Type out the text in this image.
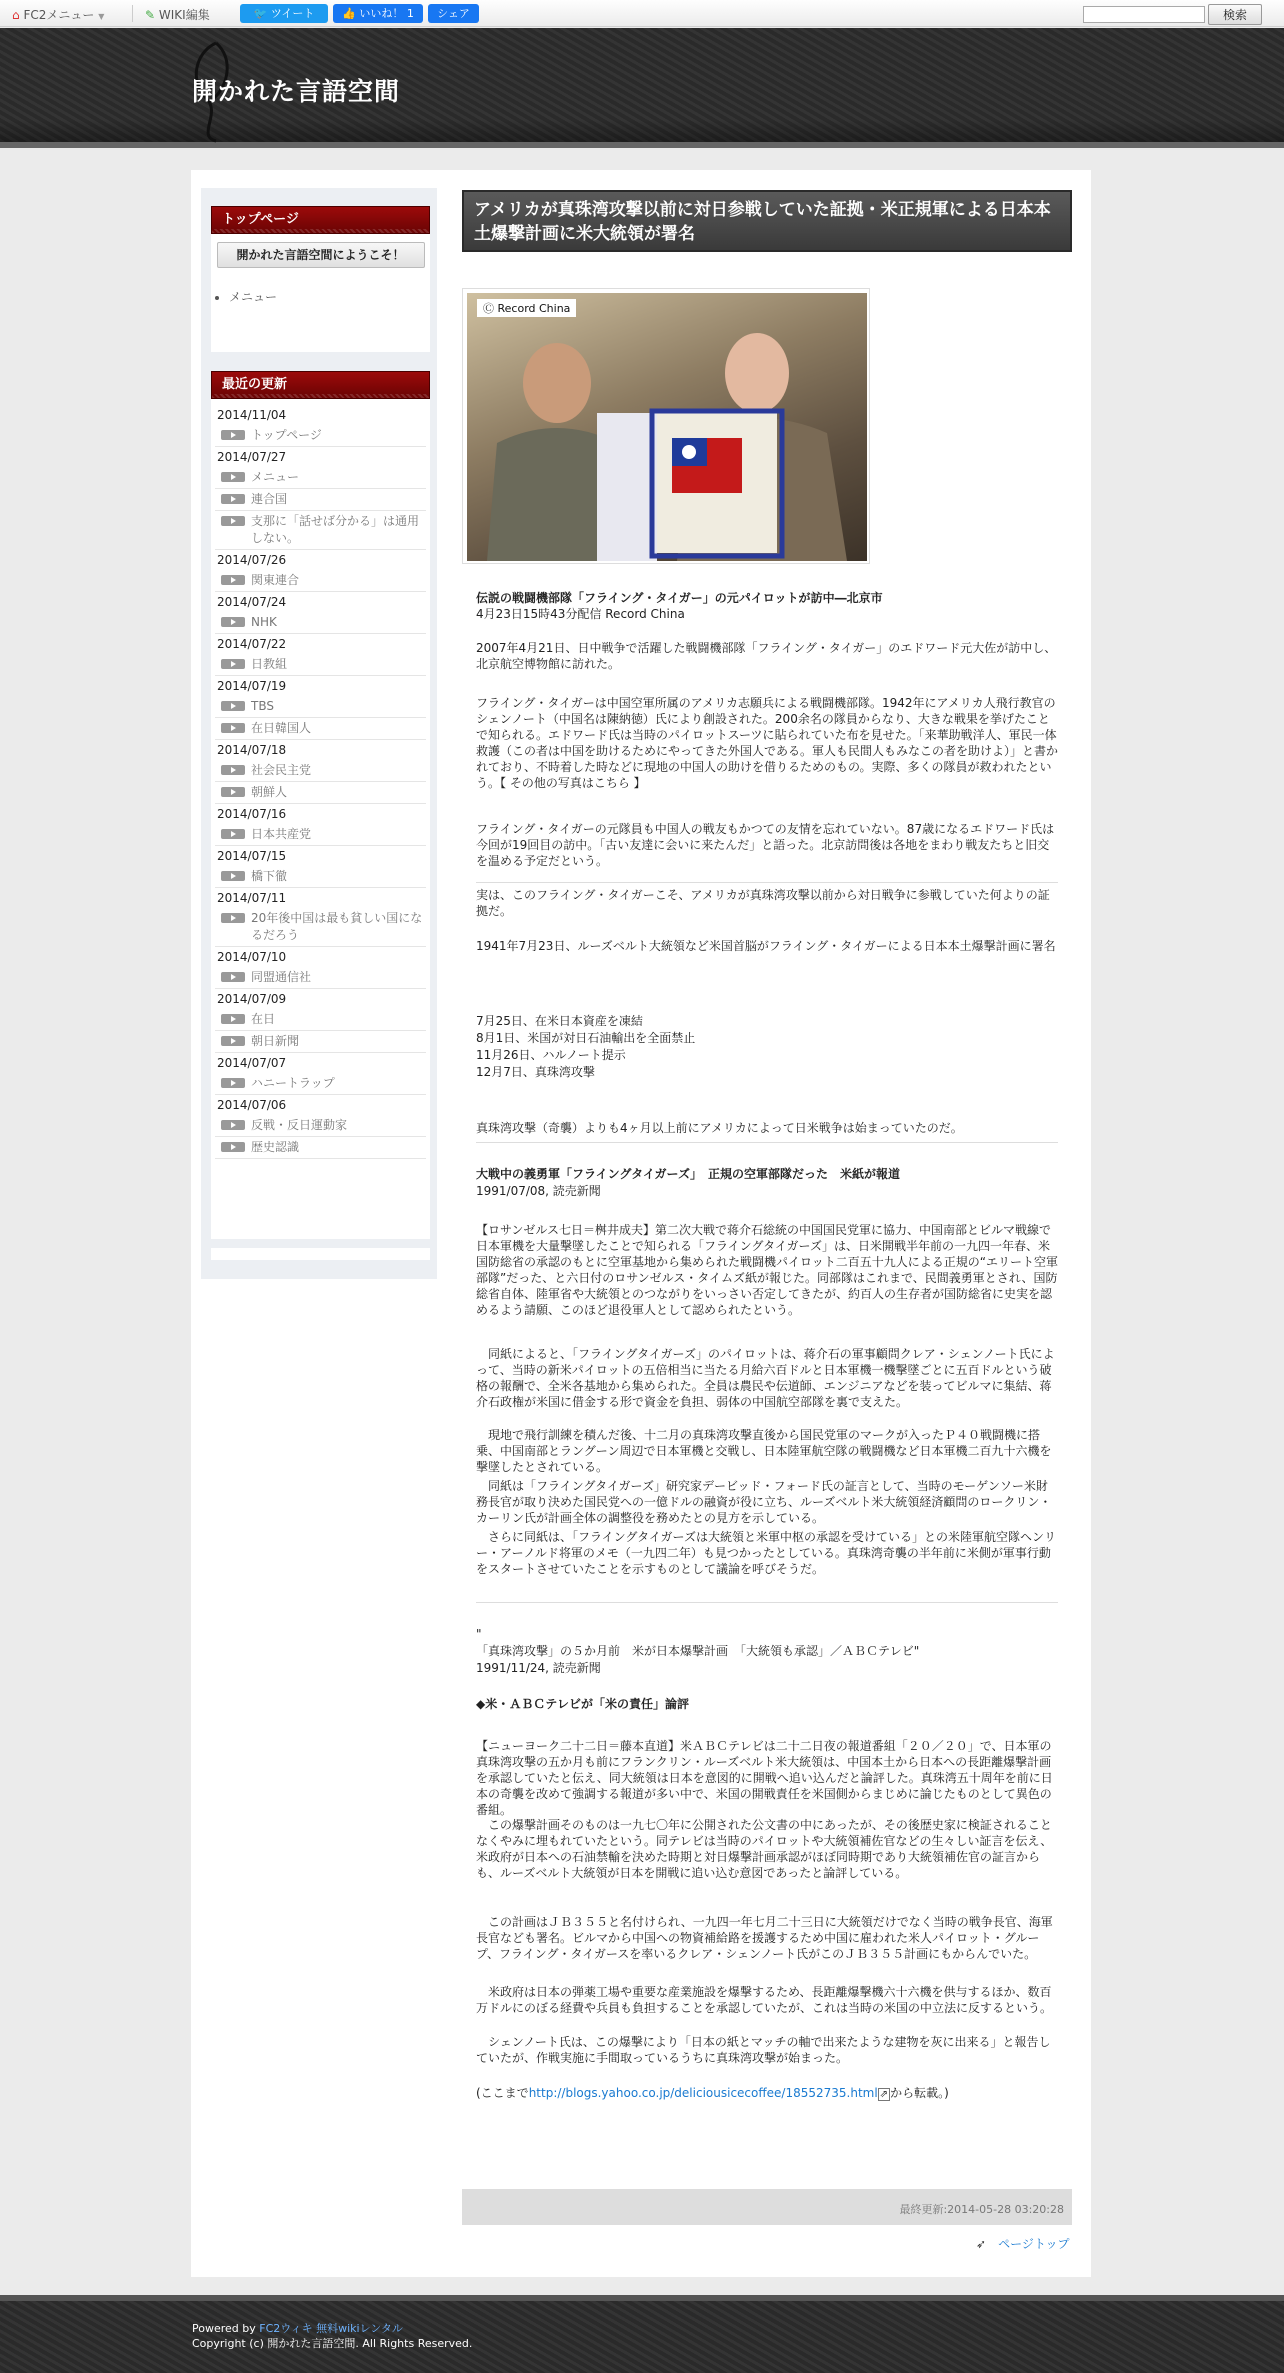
⌂ FC2メニュー ▼	✎ WIKI編集	🐦 ツイート	👍 いいね！ 1	シェア	検索
開かれた言語空間
トップページ
開かれた言語空間にようこそ！
• メニュー
最近の更新
2014/11/04
トップページ
2014/07/27
メニュー
連合国
支那に「話せば分かる」は通用しない。
2014/07/26
関東連合
2014/07/24
NHK
2014/07/22
日教組
2014/07/19
TBS
在日韓国人
2014/07/18
社会民主党
朝鮮人
2014/07/16
日本共産党
2014/07/15
橋下徹
2014/07/11
20年後中国は最も貧しい国になるだろう
2014/07/10
同盟通信社
2014/07/09
在日
朝日新聞
2014/07/07
ハニートラップ
2014/07/06
反戦・反日運動家
歴史認識
アメリカが真珠湾攻撃以前に対日参戦していた証拠・米正規軍による日本本土爆撃計画に米大統領が署名
Ⓒ Record China
伝説の戦闘機部隊「フライング・タイガー」の元パイロットが訪中―北京市
4月23日15時43分配信 Record China
2007年4月21日、日中戦争で活躍した戦闘機部隊「フライング・タイガー」のエドワード元大佐が訪中し、北京航空博物館に訪れた。
フライング・タイガーは中国空軍所属のアメリカ志願兵による戦闘機部隊。1942年にアメリカ人飛行教官のシェンノート（中国名は陳納徳）氏により創設された。200余名の隊員からなり、大きな戦果を挙げたことで知られる。エドワード氏は当時のパイロットスーツに貼られていた布を見せた。「来華助戦洋人、軍民一体救護（この者は中国を助けるためにやってきた外国人である。軍人も民間人もみなこの者を助けよ）」と書かれており、不時着した時などに現地の中国人の助けを借りるためのもの。実際、多くの隊員が救われたという。【 その他の写真はこちら 】
フライング・タイガーの元隊員も中国人の戦友もかつての友情を忘れていない。87歳になるエドワード氏は今回が19回目の訪中。「古い友達に会いに来たんだ」と語った。北京訪問後は各地をまわり戦友たちと旧交を温める予定だという。
実は、このフライング・タイガーこそ、アメリカが真珠湾攻撃以前から対日戦争に参戦していた何よりの証拠だ。
1941年7月23日、ルーズベルト大統領など米国首脳がフライング・タイガーによる日本本土爆撃計画に署名
7月25日、在米日本資産を凍結
8月1日、米国が対日石油輸出を全面禁止
11月26日、ハルノート提示
12月7日、真珠湾攻撃
真珠湾攻撃（奇襲）よりも4ヶ月以上前にアメリカによって日米戦争は始まっていたのだ。
大戦中の義勇軍「フライングタイガーズ」　正規の空軍部隊だった　米紙が報道
1991/07/08, 読売新聞
【ロサンゼルス七日＝桝井成夫】第二次大戦で蒋介石総統の中国国民党軍に協力、中国南部とビルマ戦線で日本軍機を大量撃墜したことで知られる「フライングタイガーズ」は、日米開戦半年前の一九四一年春、米国防総省の承認のもとに空軍基地から集められた戦闘機パイロット二百五十九人による正規の“エリート空軍部隊”だった、と六日付のロサンゼルス・タイムズ紙が報じた。同部隊はこれまで、民間義勇軍とされ、国防総省自体、陸軍省や大統領とのつながりをいっさい否定してきたが、約百人の生存者が国防総省に史実を認めるよう請願、このほど退役軍人として認められたという。
　同紙によると、「フライングタイガーズ」のパイロットは、蒋介石の軍事顧問クレア・シェンノート氏によって、当時の新米パイロットの五倍相当に当たる月給六百ドルと日本軍機一機撃墜ごとに五百ドルという破格の報酬で、全米各基地から集められた。全員は農民や伝道師、エンジニアなどを装ってビルマに集結、蒋介石政権が米国に借金する形で資金を負担、弱体の中国航空部隊を裏で支えた。
　現地で飛行訓練を積んだ後、十二月の真珠湾攻撃直後から国民党軍のマークが入ったＰ４０戦闘機に搭乗、中国南部とラングーン周辺で日本軍機と交戦し、日本陸軍航空隊の戦闘機など日本軍機二百九十六機を撃墜したとされている。
　同紙は「フライングタイガーズ」研究家デービッド・フォード氏の証言として、当時のモーゲンソー米財務長官が取り決めた国民党への一億ドルの融資が役に立ち、ルーズベルト米大統領経済顧問のロークリン・カーリン氏が計画全体の調整役を務めたとの見方を示している。
　さらに同紙は、「フライングタイガーズは大統領と米軍中枢の承認を受けている」との米陸軍航空隊ヘンリー・アーノルド将軍のメモ（一九四二年）も見つかったとしている。真珠湾奇襲の半年前に米側が軍事行動をスタートさせていたことを示すものとして議論を呼びそうだ。
"
「真珠湾攻撃」の５か月前　米が日本爆撃計画　「大統領も承認」／ＡＢＣテレビ"
1991/11/24, 読売新聞
◆米・ＡＢＣテレビが「米の責任」論評
【ニューヨーク二十二日＝藤本直道】米ＡＢＣテレビは二十二日夜の報道番組「２０／２０」で、日本軍の真珠湾攻撃の五か月も前にフランクリン・ルーズベルト米大統領は、中国本土から日本への長距離爆撃計画を承認していたと伝え、同大統領は日本を意図的に開戦へ追い込んだと論評した。真珠湾五十周年を前に日本の奇襲を改めて強調する報道が多い中で、米国の開戦責任を米国側からまじめに論じたものとして異色の番組。
　この爆撃計画そのものは一九七〇年に公開された公文書の中にあったが、その後歴史家に検証されることなくやみに埋もれていたという。同テレビは当時のパイロットや大統領補佐官などの生々しい証言を伝え、米政府が日本への石油禁輸を決めた時期と対日爆撃計画承認がほぼ同時期であり大統領補佐官の証言からも、ルーズベルト大統領が日本を開戦に追い込む意図であったと論評している。
　この計画はＪＢ３５５と名付けられ、一九四一年七月二十三日に大統領だけでなく当時の戦争長官、海軍長官なども署名。ビルマから中国への物資補給路を援護するため中国に雇われた米人パイロット・グループ、フライング・タイガースを率いるクレア・シェンノート氏がこのＪＢ３５５計画にもからんでいた。
　米政府は日本の弾薬工場や重要な産業施設を爆撃するため、長距離爆撃機六十六機を供与するほか、数百万ドルにのぼる経費や兵員も負担することを承認していたが、これは当時の米国の中立法に反するという。
　シェンノート氏は、この爆撃により「日本の紙とマッチの軸で出来たような建物を灰に出来る」と報告していたが、作戦実施に手間取っているうちに真珠湾攻撃が始まった。
(ここまでhttp://blogs.yahoo.co.jp/deliciousicecoffee/18552735.html ⇗ から転載。)
最終更新:2014-05-28 03:20:28
➶　 ページトップ
Powered by FC2ウィキ 無料wikiレンタル
Copyright (c) 開かれた言語空間. All Rights Reserved.
